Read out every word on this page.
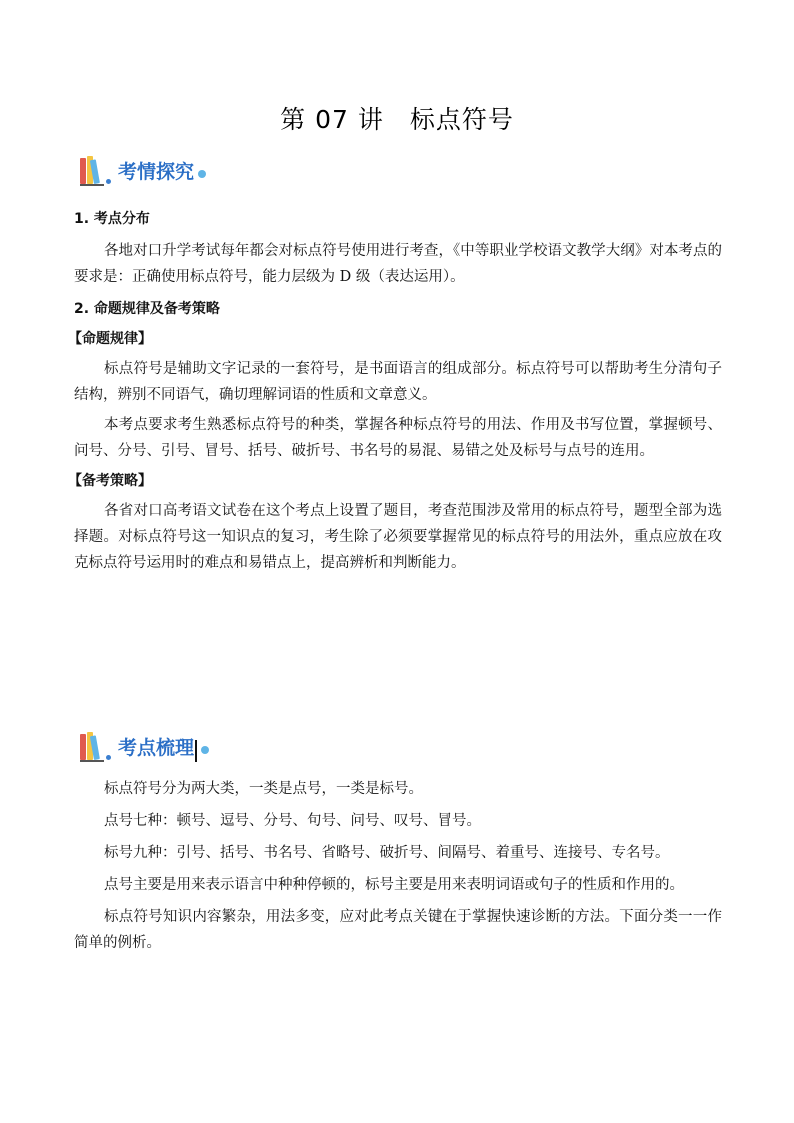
第 07 讲　标点符号
考情探究
1. 考点分布
各地对口升学考试每年都会对标点符号使用进行考查，《中等职业学校语文教学大纲》对本考点的要求是：正确使用标点符号，能力层级为 D 级（表达运用）。
2. 命题规律及备考策略
【命题规律】
标点符号是辅助文字记录的一套符号，是书面语言的组成部分。标点符号可以帮助考生分清句子结构，辨别不同语气，确切理解词语的性质和文章意义。
本考点要求考生熟悉标点符号的种类，掌握各种标点符号的用法、作用及书写位置，掌握顿号、问号、分号、引号、冒号、括号、破折号、书名号的易混、易错之处及标号与点号的连用。
【备考策略】
各省对口高考语文试卷在这个考点上设置了题目，考查范围涉及常用的标点符号，题型全部为选择题。对标点符号这一知识点的复习，考生除了必须要掌握常见的标点符号的用法外，重点应放在攻克标点符号运用时的难点和易错点上，提高辨析和判断能力。
考点梳理
标点符号分为两大类，一类是点号，一类是标号。
点号七种：顿号、逗号、分号、句号、问号、叹号、冒号。
标号九种：引号、括号、书名号、省略号、破折号、间隔号、着重号、连接号、专名号。
点号主要是用来表示语言中种种停顿的，标号主要是用来表明词语或句子的性质和作用的。
标点符号知识内容繁杂，用法多变，应对此考点关键在于掌握快速诊断的方法。下面分类一一作简单的例析。
